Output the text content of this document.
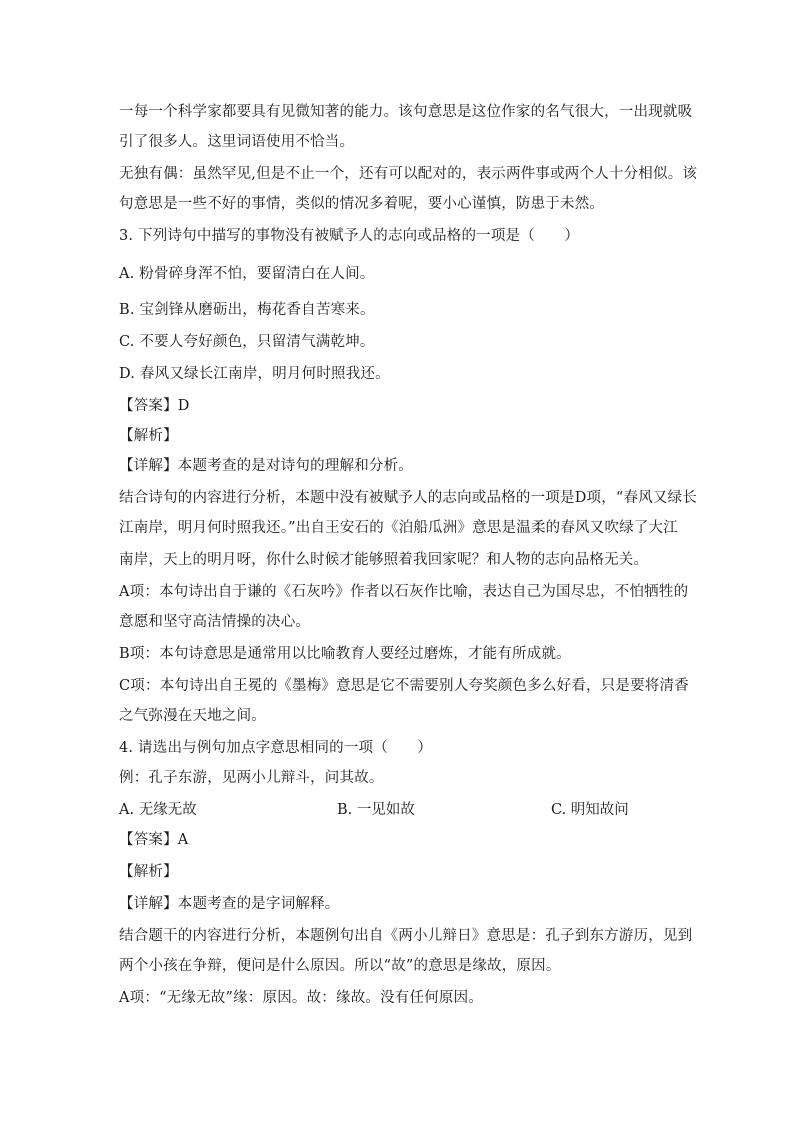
一每一个科学家都要具有见微知著的能力。该句意思是这位作家的名气很大，一出现就吸
引了很多人。这里词语使用不恰当。
无独有偶：虽然罕见,但是不止一个，还有可以配对的，表示两件事或两个人十分相似。该
句意思是一些不好的事情，类似的情况多着呢，要小心谨慎，防患于未然。
3. 下列诗句中描写的事物没有被赋予人的志向或品格的一项是（　　）
A. 粉骨碎身浑不怕，要留清白在人间。
B. 宝剑锋从磨砺出，梅花香自苦寒来。
C. 不要人夸好颜色，只留清气满乾坤。
D. 春风又绿长江南岸，明月何时照我还。
【答案】D
【解析】
【详解】本题考查的是对诗句的理解和分析。
结合诗句的内容进行分析，本题中没有被赋予人的志向或品格的一项是D项，“春风又绿长
江南岸，明月何时照我还。”出自王安石的《泊船瓜洲》意思是温柔的春风又吹绿了大江
南岸，天上的明月呀，你什么时候才能够照着我回家呢？和人物的志向品格无关。
A项：本句诗出自于谦的《石灰吟》作者以石灰作比喻，表达自己为国尽忠，不怕牺牲的
意愿和坚守高洁情操的决心。
B项：本句诗意思是通常用以比喻教育人要经过磨炼，才能有所成就。
C项：本句诗出自王冕的《墨梅》意思是它不需要别人夸奖颜色多么好看，只是要将清香
之气弥漫在天地之间。
4. 请选出与例句加点字意思相同的一项（　　）
例：孔子东游，见两小儿辩斗，问其故。
A. 无缘无故	B. 一见如故	C. 明知故问
【答案】A
【解析】
【详解】本题考查的是字词解释。
结合题干的内容进行分析，本题例句出自《两小儿辩日》意思是：孔子到东方游历，见到
两个小孩在争辩，便问是什么原因。所以“故”的意思是缘故，原因。
A项：“无缘无故”缘：原因。故：缘故。没有任何原因。
